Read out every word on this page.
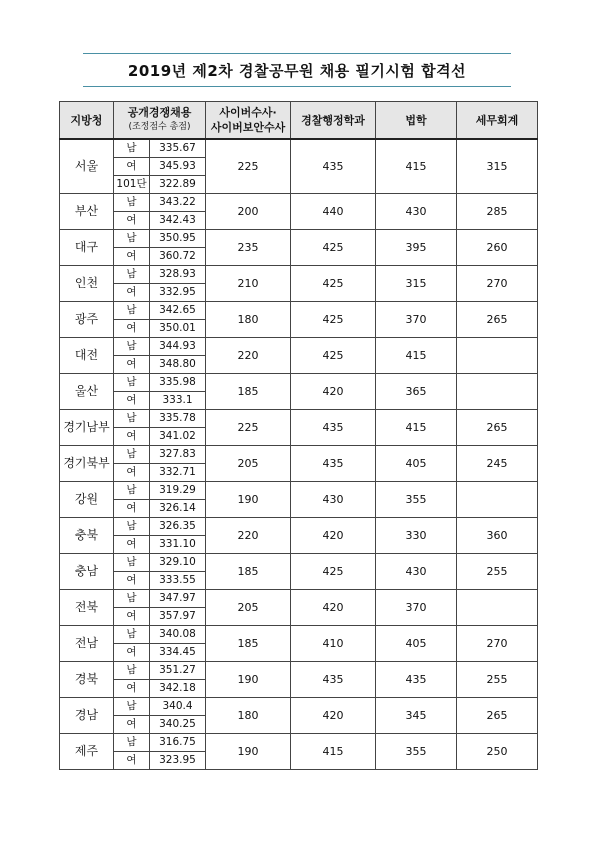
2019년 제2차 경찰공무원 채용 필기시험 합격선
지방청	공개경쟁채용
(조정점수 총점)		사이버수사·
사이버보안수사	경찰행정학과	법학	세무회계
서울	남	335.67	225	435	415	315
	여	345.93				
	101단	322.89				
부산	남	343.22	200	440	430	285
	여	342.43				
대구	남	350.95	235	425	395	260
	여	360.72				
인천	남	328.93	210	425	315	270
	여	332.95				
광주	남	342.65	180	425	370	265
	여	350.01				
대전	남	344.93	220	425	415	
	여	348.80				
울산	남	335.98	185	420	365	
	여	333.1				
경기남부	남	335.78	225	435	415	265
	여	341.02				
경기북부	남	327.83	205	435	405	245
	여	332.71				
강원	남	319.29	190	430	355	
	여	326.14				
충북	남	326.35	220	420	330	360
	여	331.10				
충남	남	329.10	185	425	430	255
	여	333.55				
전북	남	347.97	205	420	370	
	여	357.97				
전남	남	340.08	185	410	405	270
	여	334.45				
경북	남	351.27	190	435	435	255
	여	342.18				
경남	남	340.4	180	420	345	265
	여	340.25				
제주	남	316.75	190	415	355	250
	여	323.95				
